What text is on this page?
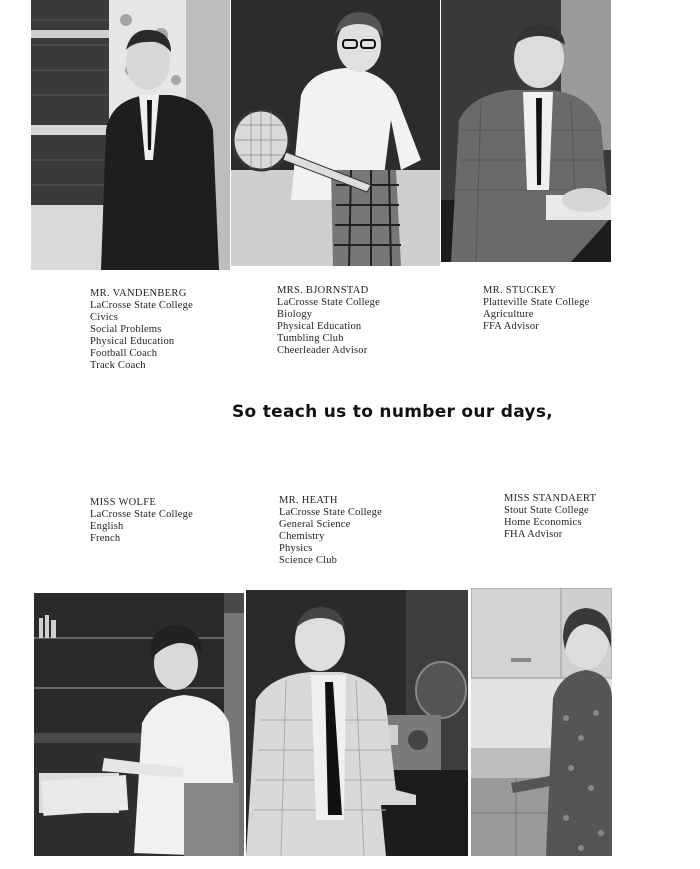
MR. VANDENBERG
LaCrosse State College
Civics
Social Problems
Physical Education
Football Coach
Track Coach
MRS. BJORNSTAD
LaCrosse State College
Biology
Physical Education
Tumbling Club
Cheerleader Advisor
MR. STUCKEY
Platteville State College
Agriculture
FFA Advisor
So teach us to number our days,
MISS WOLFE
LaCrosse State College
English
French
MR. HEATH
LaCrosse State College
General Science
Chemistry
Physics
Science Club
MISS STANDAERT
Stout State College
Home Economics
FHA Advisor
